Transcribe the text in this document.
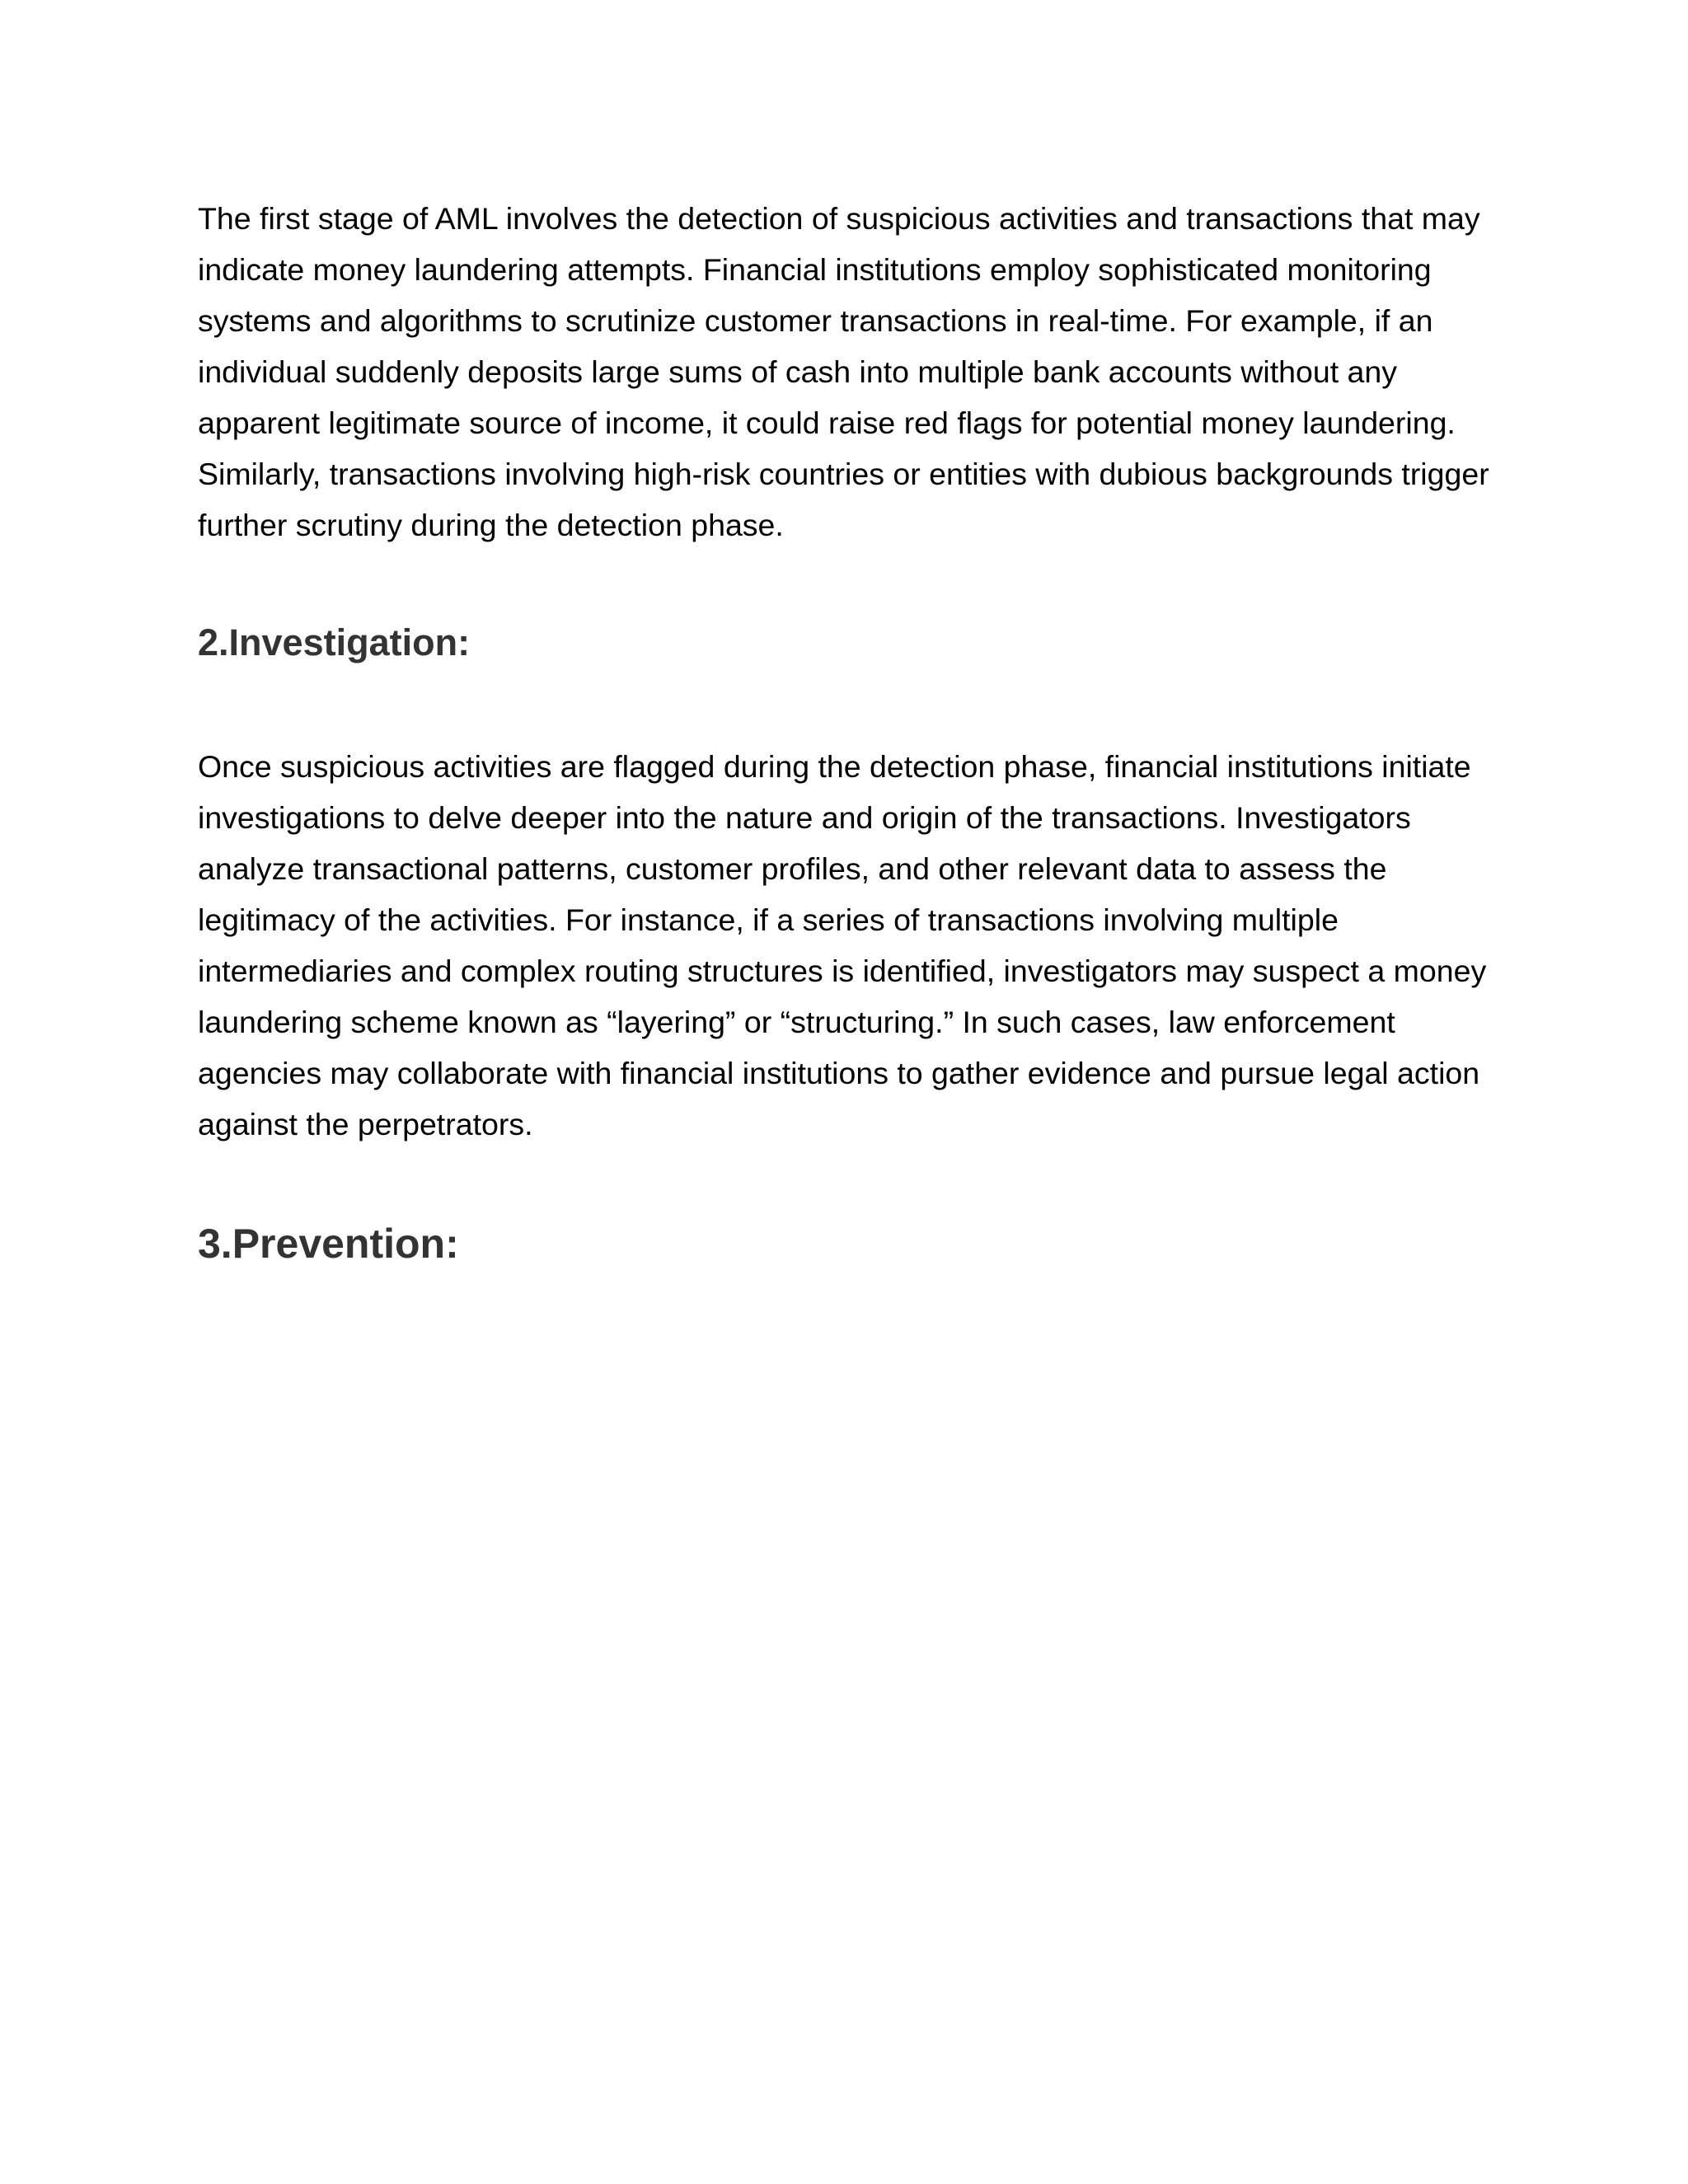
The first stage of AML involves the detection of suspicious activities and transactions that may indicate money laundering attempts. Financial institutions employ sophisticated monitoring systems and algorithms to scrutinize customer transactions in real-time. For example, if an individual suddenly deposits large sums of cash into multiple bank accounts without any apparent legitimate source of income, it could raise red flags for potential money laundering. Similarly, transactions involving high-risk countries or entities with dubious backgrounds trigger further scrutiny during the detection phase.

2.Investigation:

Once suspicious activities are flagged during the detection phase, financial institutions initiate investigations to delve deeper into the nature and origin of the transactions. Investigators analyze transactional patterns, customer profiles, and other relevant data to assess the legitimacy of the activities. For instance, if a series of transactions involving multiple intermediaries and complex routing structures is identified, investigators may suspect a money laundering scheme known as “layering” or “structuring.” In such cases, law enforcement agencies may collaborate with financial institutions to gather evidence and pursue legal action against the perpetrators.

3.Prevention:
